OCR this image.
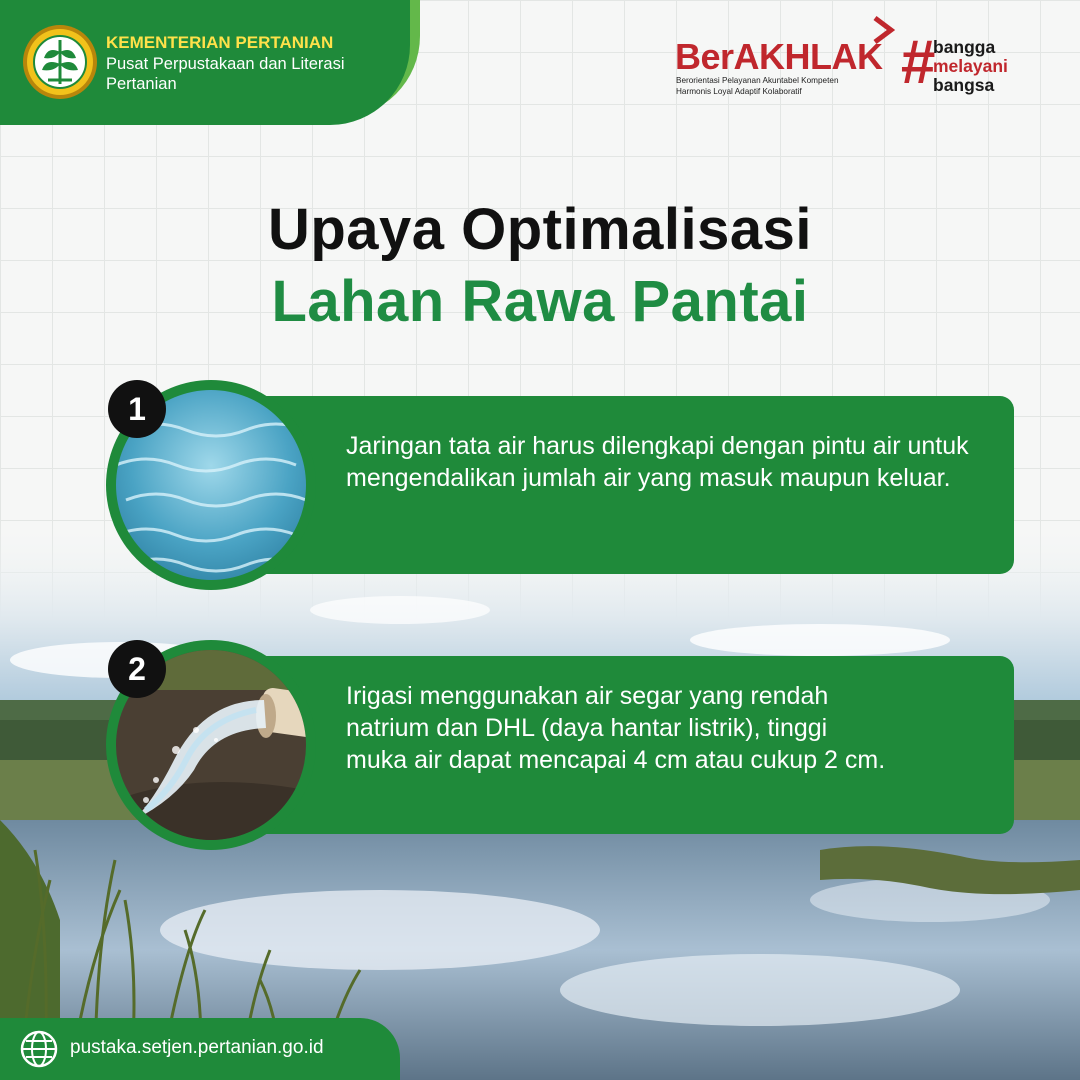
KEMENTERIAN PERTANIAN
Pusat Perpustakaan dan Literasi Pertanian
BerAKHLAK
Berorientasi Pelayanan Akuntabel Kompeten
Harmonis Loyal Adaptif Kolaboratif	#
bangga
melayani
bangsa
Upaya Optimalisasi
Lahan Rawa Pantai
Jaringan tata air harus dilengkapi dengan pintu air untuk mengendalikan jumlah air yang masuk maupun keluar.
1
Irigasi menggunakan air segar yang rendah natrium dan DHL (daya hantar listrik), tinggi muka air dapat mencapai 4 cm atau cukup 2 cm.
2
pustaka.setjen.pertanian.go.id
